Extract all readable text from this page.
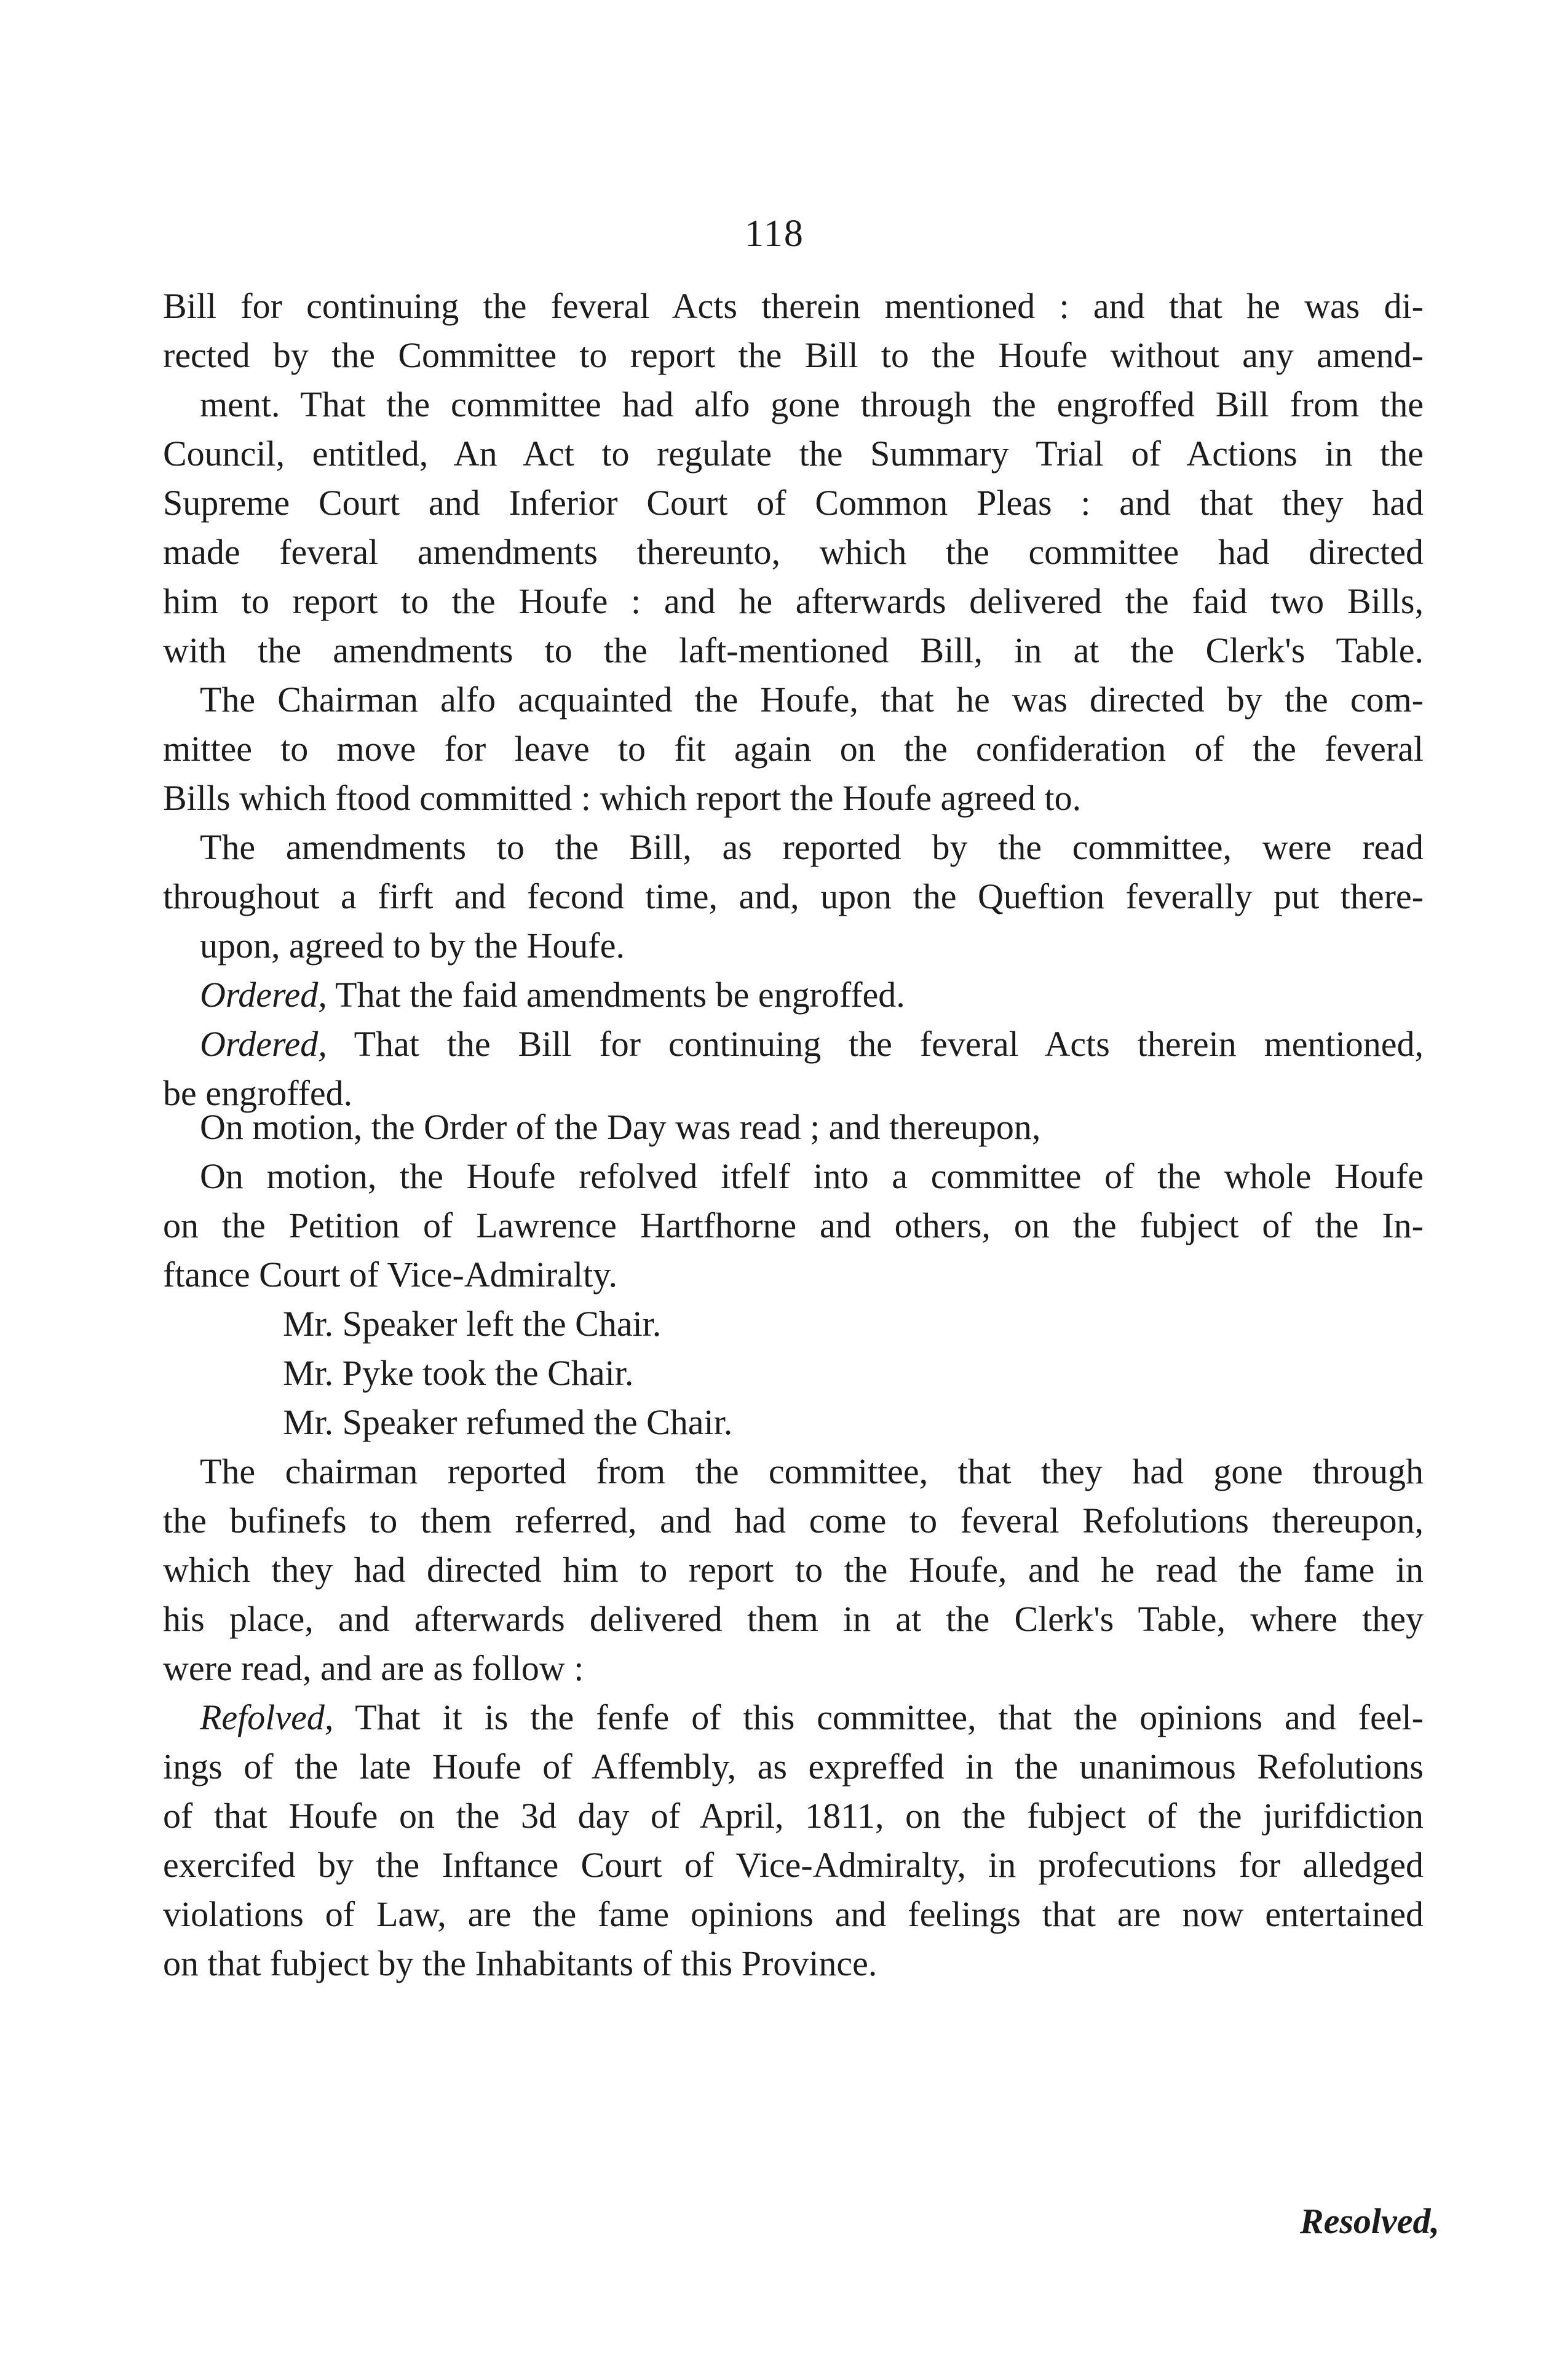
118
Bill for continuing the feveral Acts therein mentioned : and that he was di-
rected by the Committee to report the Bill to the Houfe without any amend-
ment. That the committee had alfo gone through the engroffed Bill from the
Council, entitled, An Act to regulate the Summary Trial of Actions in the
Supreme Court and Inferior Court of Common Pleas : and that they had
made feveral amendments thereunto, which the committee had directed
him to report to the Houfe : and he afterwards delivered the faid two Bills,
with the amendments to the laft-mentioned Bill, in at the Clerk's Table.
The Chairman alfo acquainted the Houfe, that he was directed by the com-
mittee to move for leave to fit again on the confideration of the feveral
Bills which ftood committed : which report the Houfe agreed to.
The amendments to the Bill, as reported by the committee, were read
throughout a firft and fecond time, and, upon the Queftion feverally put there-
upon, agreed to by the Houfe.
Ordered, That the faid amendments be engroffed.
Ordered, That the Bill for continuing the feveral Acts therein mentioned,
be engroffed.
On motion, the Order of the Day was read ; and thereupon,
On motion, the Houfe refolved itfelf into a committee of the whole Houfe
on the Petition of Lawrence Hartfhorne and others, on the fubject of the In-
ftance Court of Vice-Admiralty.
Mr. Speaker left the Chair.
Mr. Pyke took the Chair.
Mr. Speaker refumed the Chair.
The chairman reported from the committee, that they had gone through
the bufinefs to them referred, and had come to feveral Refolutions thereupon,
which they had directed him to report to the Houfe, and he read the fame in
his place, and afterwards delivered them in at the Clerk's Table, where they
were read, and are as follow :
Refolved, That it is the fenfe of this committee, that the opinions and feel-
ings of the late Houfe of Affembly, as expreffed in the unanimous Refolutions
of that Houfe on the 3d day of April, 1811, on the fubject of the jurifdiction
exercifed by the Inftance Court of Vice-Admiralty, in profecutions for alledged
violations of Law, are the fame opinions and feelings that are now entertained
on that fubject by the Inhabitants of this Province.
Resolved,
